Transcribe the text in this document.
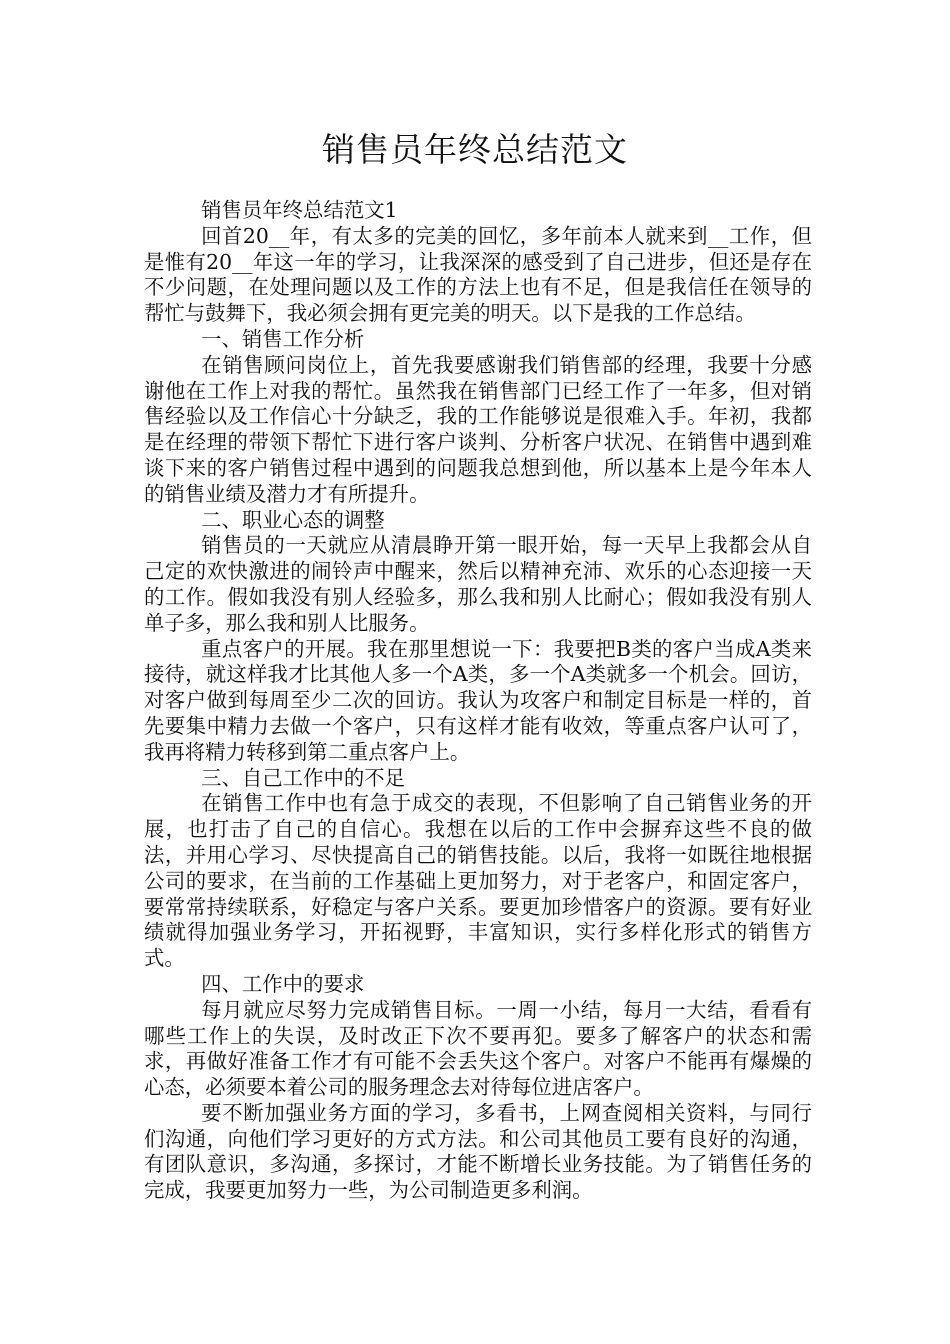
销售员年终总结范文

销售员年终总结范文1

回首20__年，有太多的完美的回忆，多年前本人就来到__工作，但是惟有20__年这一年的学习，让我深深的感受到了自己进步，但还是存在不少问题，在处理问题以及工作的方法上也有不足，但是我信任在领导的帮忙与鼓舞下，我必须会拥有更完美的明天。以下是我的工作总结。

一、销售工作分析

在销售顾问岗位上，首先我要感谢我们销售部的经理，我要十分感谢他在工作上对我的帮忙。虽然我在销售部门已经工作了一年多，但对销售经验以及工作信心十分缺乏，我的工作能够说是很难入手。年初，我都是在经理的带领下帮忙下进行客户谈判、分析客户状况、在销售中遇到难谈下来的客户销售过程中遇到的问题我总想到他，所以基本上是今年本人的销售业绩及潜力才有所提升。

二、职业心态的调整

销售员的一天就应从清晨睁开第一眼开始，每一天早上我都会从自己定的欢快激进的闹铃声中醒来，然后以精神充沛、欢乐的心态迎接一天的工作。假如我没有别人经验多，那么我和别人比耐心；假如我没有别人单子多，那么我和别人比服务。

重点客户的开展。我在那里想说一下：我要把B类的客户当成A类来接待，就这样我才比其他人多一个A类，多一个A类就多一个机会。回访，对客户做到每周至少二次的回访。我认为攻客户和制定目标是一样的，首先要集中精力去做一个客户，只有这样才能有收效，等重点客户认可了，我再将精力转移到第二重点客户上。

三、自己工作中的不足

在销售工作中也有急于成交的表现，不但影响了自己销售业务的开展，也打击了自己的自信心。我想在以后的工作中会摒弃这些不良的做法，并用心学习、尽快提高自己的销售技能。以后，我将一如既往地根据公司的要求，在当前的工作基础上更加努力，对于老客户，和固定客户，要常常持续联系，好稳定与客户关系。要更加珍惜客户的资源。要有好业绩就得加强业务学习，开拓视野，丰富知识，实行多样化形式的销售方式。

四、工作中的要求

每月就应尽努力完成销售目标。一周一小结，每月一大结，看看有哪些工作上的失误，及时改正下次不要再犯。要多了解客户的状态和需求，再做好准备工作才有可能不会丢失这个客户。对客户不能再有爆燥的心态，必须要本着公司的服务理念去对待每位进店客户。

要不断加强业务方面的学习，多看书，上网查阅相关资料，与同行们沟通，向他们学习更好的方式方法。和公司其他员工要有良好的沟通，有团队意识，多沟通，多探讨，才能不断增长业务技能。为了销售任务的完成，我要更加努力一些，为公司制造更多利润。
